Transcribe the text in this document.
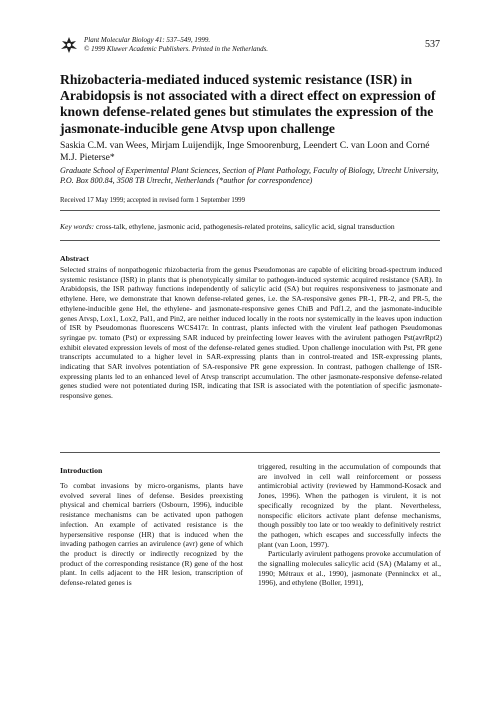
Plant Molecular Biology 41: 537–549, 1999.
© 1999 Kluwer Academic Publishers. Printed in the Netherlands.	537
Rhizobacteria-mediated induced systemic resistance (ISR) in Arabidopsis is not associated with a direct effect on expression of known defense-related genes but stimulates the expression of the jasmonate-inducible gene Atvsp upon challenge
Saskia C.M. van Wees, Mirjam Luijendijk, Inge Smoorenburg, Leendert C. van Loon and Corné M.J. Pieterse*
Graduate School of Experimental Plant Sciences, Section of Plant Pathology, Faculty of Biology, Utrecht University, P.O. Box 800.84, 3508 TB Utrecht, Netherlands (*author for correspondence)
Received 17 May 1999; accepted in revised form 1 September 1999
Key words: cross-talk, ethylene, jasmonic acid, pathogenesis-related proteins, salicylic acid, signal transduction
Abstract
Selected strains of nonpathogenic rhizobacteria from the genus Pseudomonas are capable of eliciting broad-spectrum induced systemic resistance (ISR) in plants that is phenotypically similar to pathogen-induced systemic acquired resistance (SAR). In Arabidopsis, the ISR pathway functions independently of salicylic acid (SA) but requires responsiveness to jasmonate and ethylene. Here, we demonstrate that known defense-related genes, i.e. the SA-responsive genes PR-1, PR-2, and PR-5, the ethylene-inducible gene Hel, the ethylene- and jasmonate-responsive genes ChiB and Pdf1.2, and the jasmonate-inducible genes Atvsp, Lox1, Lox2, Pal1, and Pin2, are neither induced locally in the roots nor systemically in the leaves upon induction of ISR by Pseudomonas fluorescens WCS417r. In contrast, plants infected with the virulent leaf pathogen Pseudomonas syringae pv. tomato (Pst) or expressing SAR induced by preinfecting lower leaves with the avirulent pathogen Pst(avrRpt2) exhibit elevated expression levels of most of the defense-related genes studied. Upon challenge inoculation with Pst, PR gene transcripts accumulated to a higher level in SAR-expressing plants than in control-treated and ISR-expressing plants, indicating that SAR involves potentiation of SA-responsive PR gene expression. In contrast, pathogen challenge of ISR-expressing plants led to an enhanced level of Atvsp transcript accumulation. The other jasmonate-responsive defense-related genes studied were not potentiated during ISR, indicating that ISR is associated with the potentiation of specific jasmonate-responsive genes.
Introduction

To combat invasions by micro-organisms, plants have evolved several lines of defense. Besides preexisting physical and chemical barriers (Osbourn, 1996), inducible resistance mechanisms can be activated upon pathogen infection. An example of activated resistance is the hypersensitive response (HR) that is induced when the invading pathogen carries an avirulence (avr) gene of which the product is directly or indirectly recognized by the product of the corresponding resistance (R) gene of the host plant. In cells adjacent to the HR lesion, transcription of defense-related genes is

triggered, resulting in the accumulation of compounds that are involved in cell wall reinforcement or possess antimicrobial activity (reviewed by Hammond-Kosack and Jones, 1996). When the pathogen is virulent, it is not specifically recognized by the plant. Nevertheless, nonspecific elicitors activate plant defense mechanisms, though possibly too late or too weakly to definitively restrict the pathogen, which escapes and successfully infects the plant (van Loon, 1997).

Particularly avirulent pathogens provoke accumulation of the signalling molecules salicylic acid (SA) (Malamy et al., 1990; Métraux et al., 1990), jasmonate (Penninckx et al., 1996), and ethylene (Boller, 1991),
